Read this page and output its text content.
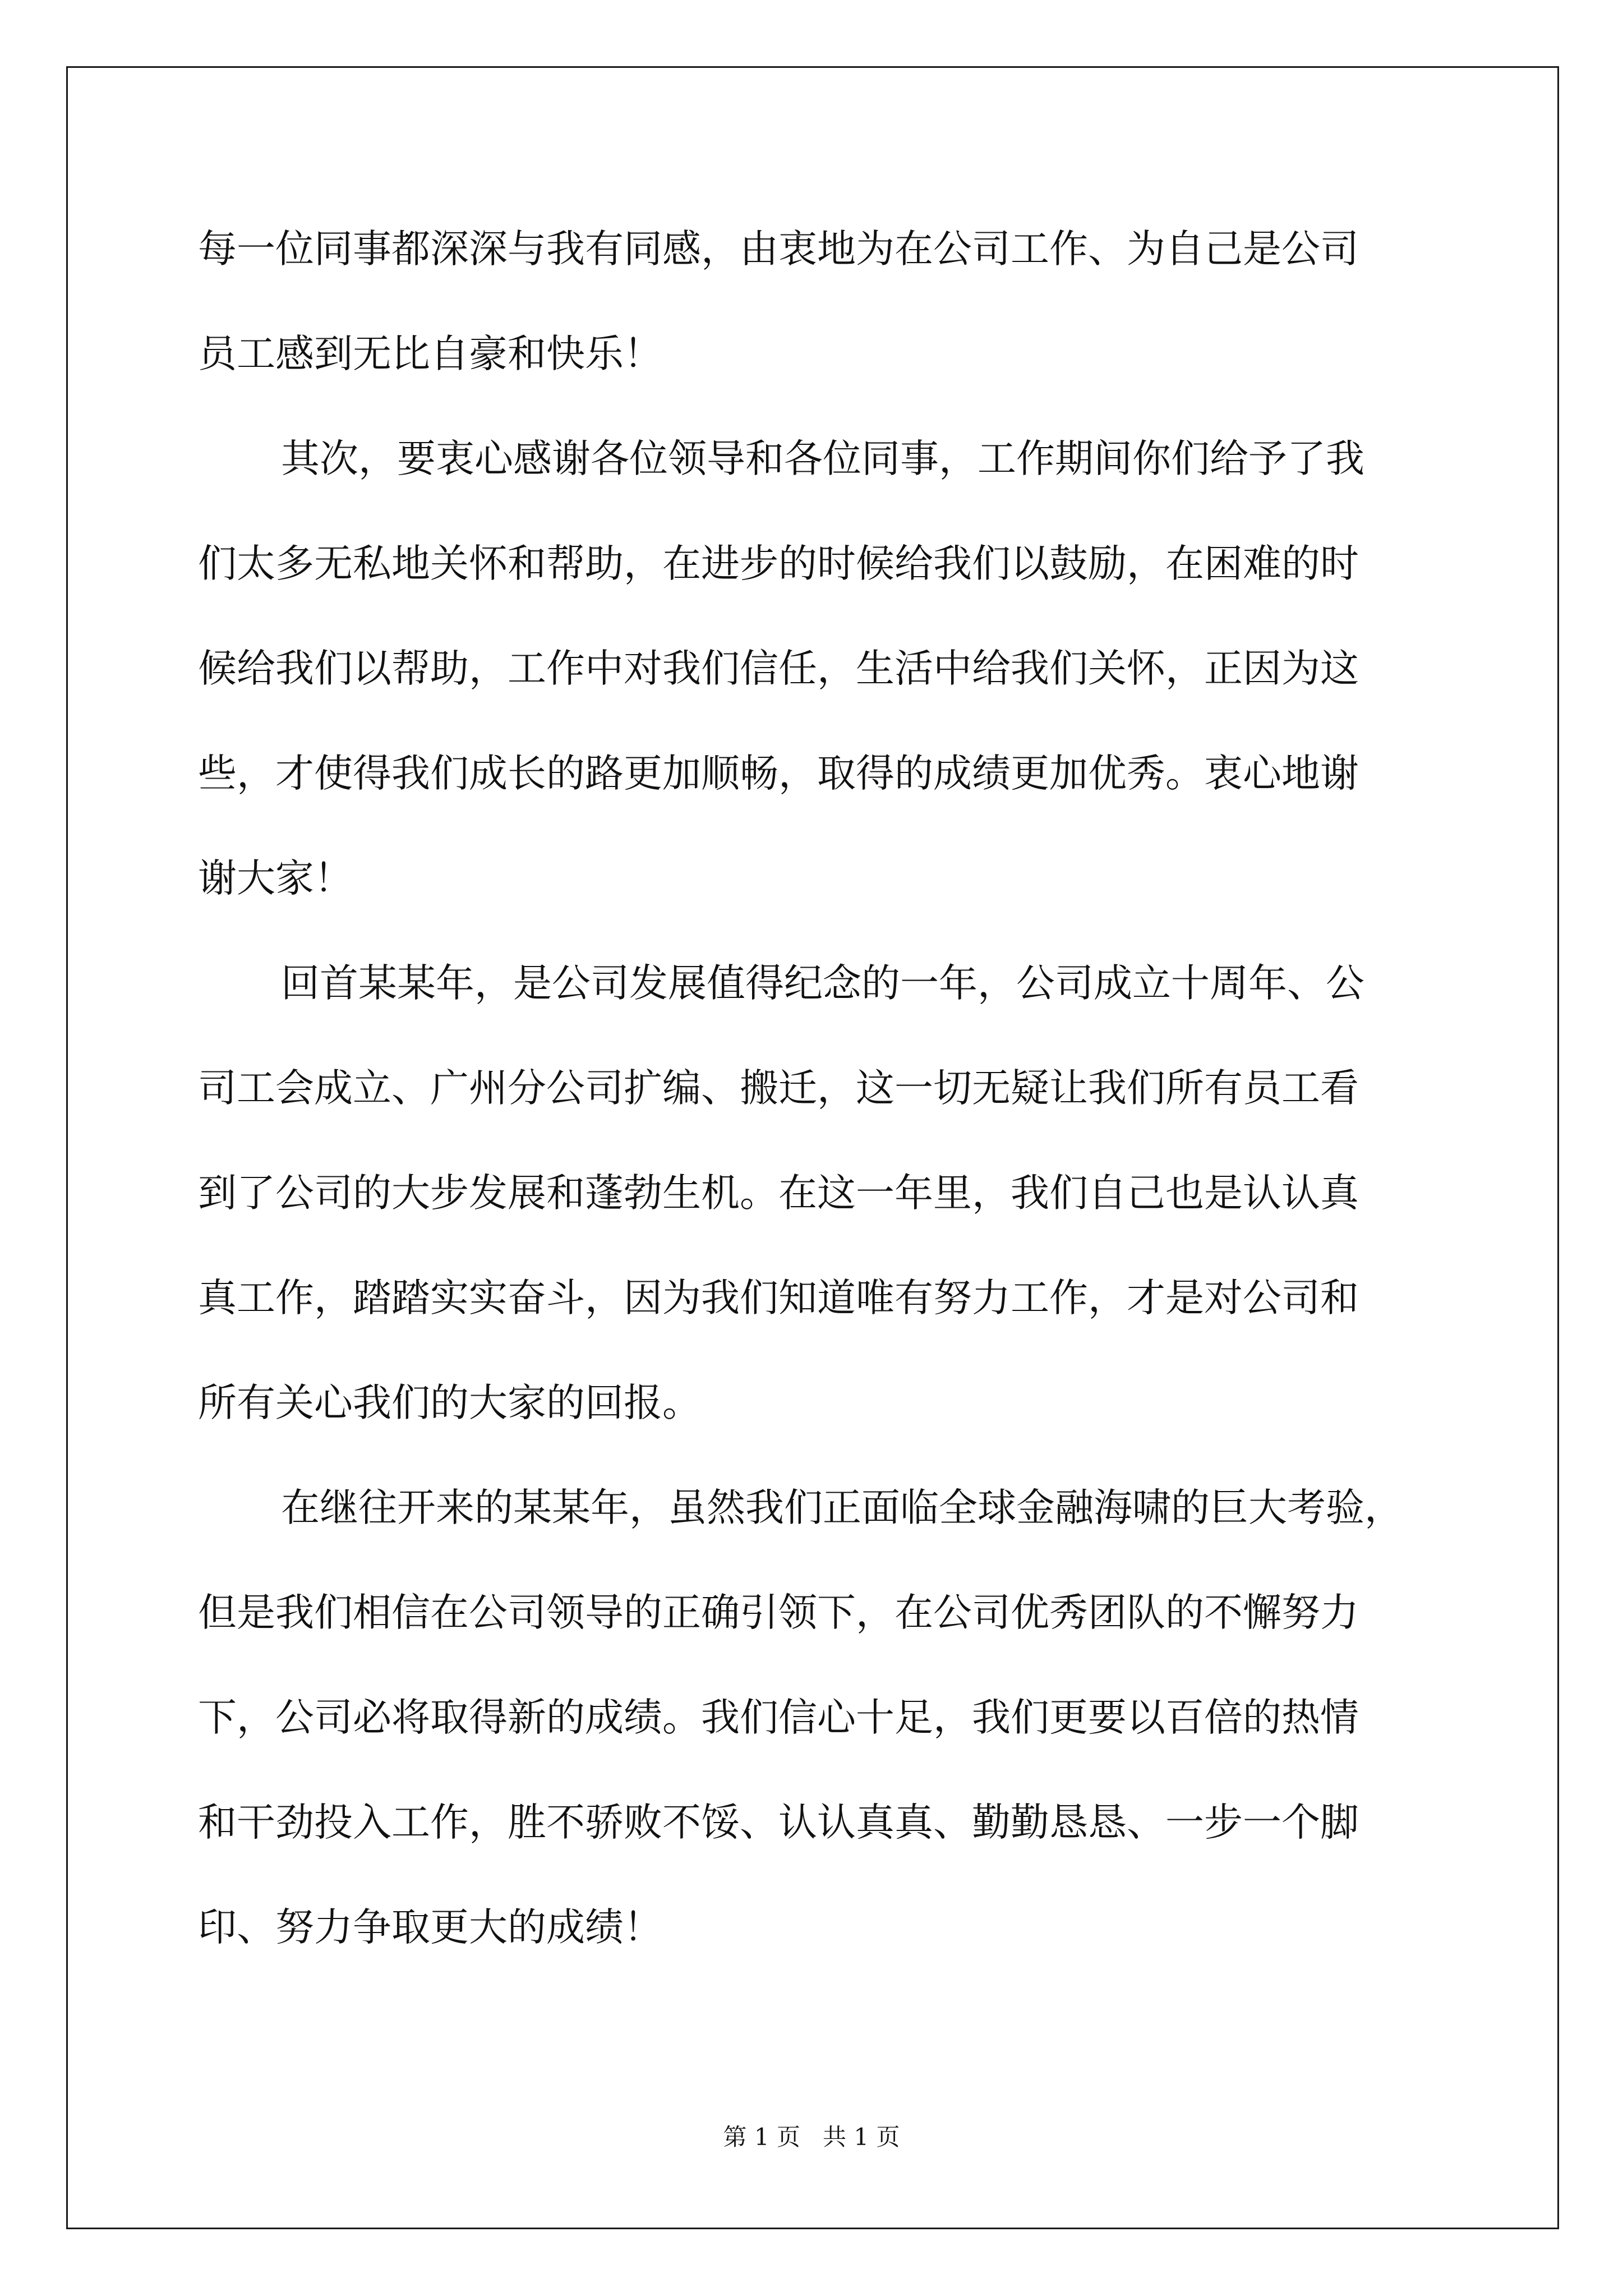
每一位同事都深深与我有同感，由衷地为在公司工作、为自己是公司

员工感到无比自豪和快乐！

其次，要衷心感谢各位领导和各位同事，工作期间你们给予了我

们太多无私地关怀和帮助，在进步的时候给我们以鼓励，在困难的时

候给我们以帮助，工作中对我们信任，生活中给我们关怀，正因为这

些，才使得我们成长的路更加顺畅，取得的成绩更加优秀。衷心地谢

谢大家！

回首某某年，是公司发展值得纪念的一年，公司成立十周年、公

司工会成立、广州分公司扩编、搬迁，这一切无疑让我们所有员工看

到了公司的大步发展和蓬勃生机。在这一年里，我们自己也是认认真

真工作，踏踏实实奋斗，因为我们知道唯有努力工作，才是对公司和

所有关心我们的大家的回报。

在继往开来的某某年，虽然我们正面临全球金融海啸的巨大考验，

但是我们相信在公司领导的正确引领下，在公司优秀团队的不懈努力

下，公司必将取得新的成绩。我们信心十足，我们更要以百倍的热情

和干劲投入工作，胜不骄败不馁、认认真真、勤勤恳恳、一步一个脚

印、努力争取更大的成绩！

第 1 页   共 1 页
